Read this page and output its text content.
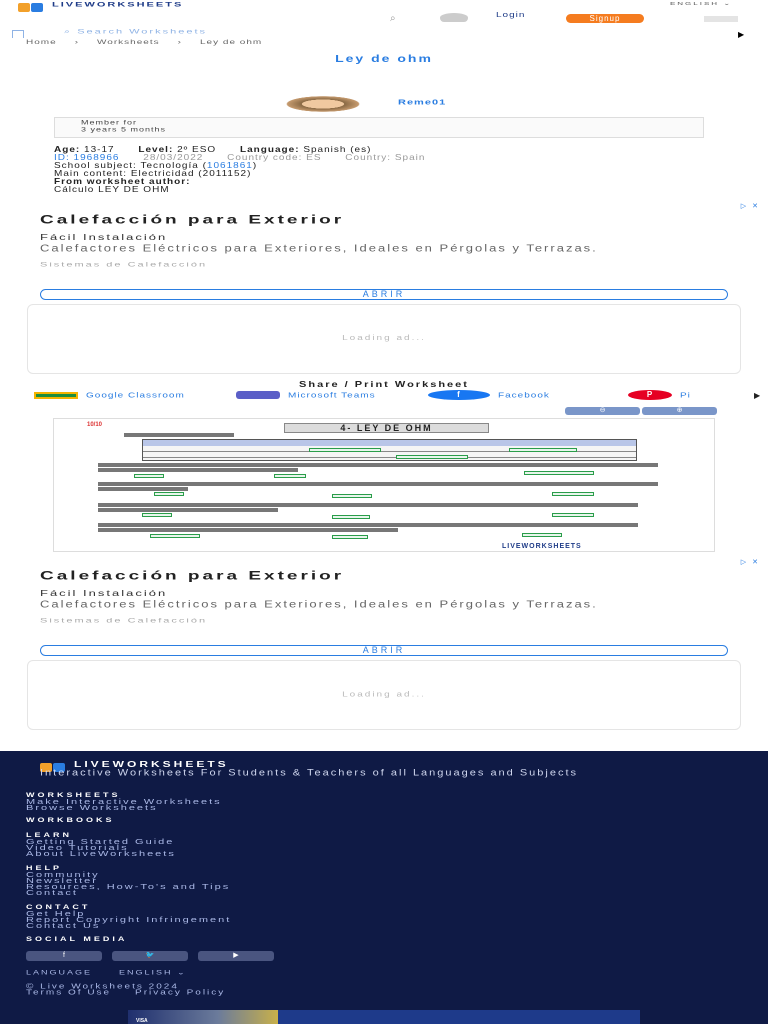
LIVEWORKSHEETS	ENGLISH ⌄
⌕	Login	Signup
⌕ Search Worksheets	▶
Home › Worksheets › Ley de ohm
Ley de ohm
Reme01
Member for
3 years 5 months
Age: 13-17 Level: 2º ESO Language: Spanish (es)
ID: 1968966 28/03/2022 Country code: ES Country: Spain
School subject: Tecnología (1061861)
Main content: Electricidad (2011152)
From worksheet author:
Cálculo LEY DE OHM
▷ ✕
Calefacción para Exterior
Fácil Instalación
Calefactores Eléctricos para Exteriores, Ideales en Pérgolas y Terrazas.
Sistemas de Calefacción
ABRIR
Loading ad...
Share / Print Worksheet
Google Classroom	Microsoft Teams	f	Facebook	P	Pi	▶
⊖	⊕
10/10	4- LEY DE OHM
LIVEWORKSHEETS
▷ ✕
Calefacción para Exterior
Fácil Instalación
Calefactores Eléctricos para Exteriores, Ideales en Pérgolas y Terrazas.
Sistemas de Calefacción
ABRIR
Loading ad...
LIVEWORKSHEETS
Interactive Worksheets For Students & Teachers of all Languages and Subjects
WORKSHEETS
Make Interactive Worksheets
Browse Worksheets
WORKBOOKS
LEARN
Getting Started Guide
Video Tutorials
About LiveWorksheets
HELP
Community
Newsletter
Resources, How-To's and Tips
Contact
CONTACT
Get Help
Report Copyright Infringement
Contact Us
SOCIAL MEDIA
f	🐦	▶
LANGUAGE	ENGLISH ⌄
© Live Worksheets 2024
Terms Of Use Privacy Policy
VISA
